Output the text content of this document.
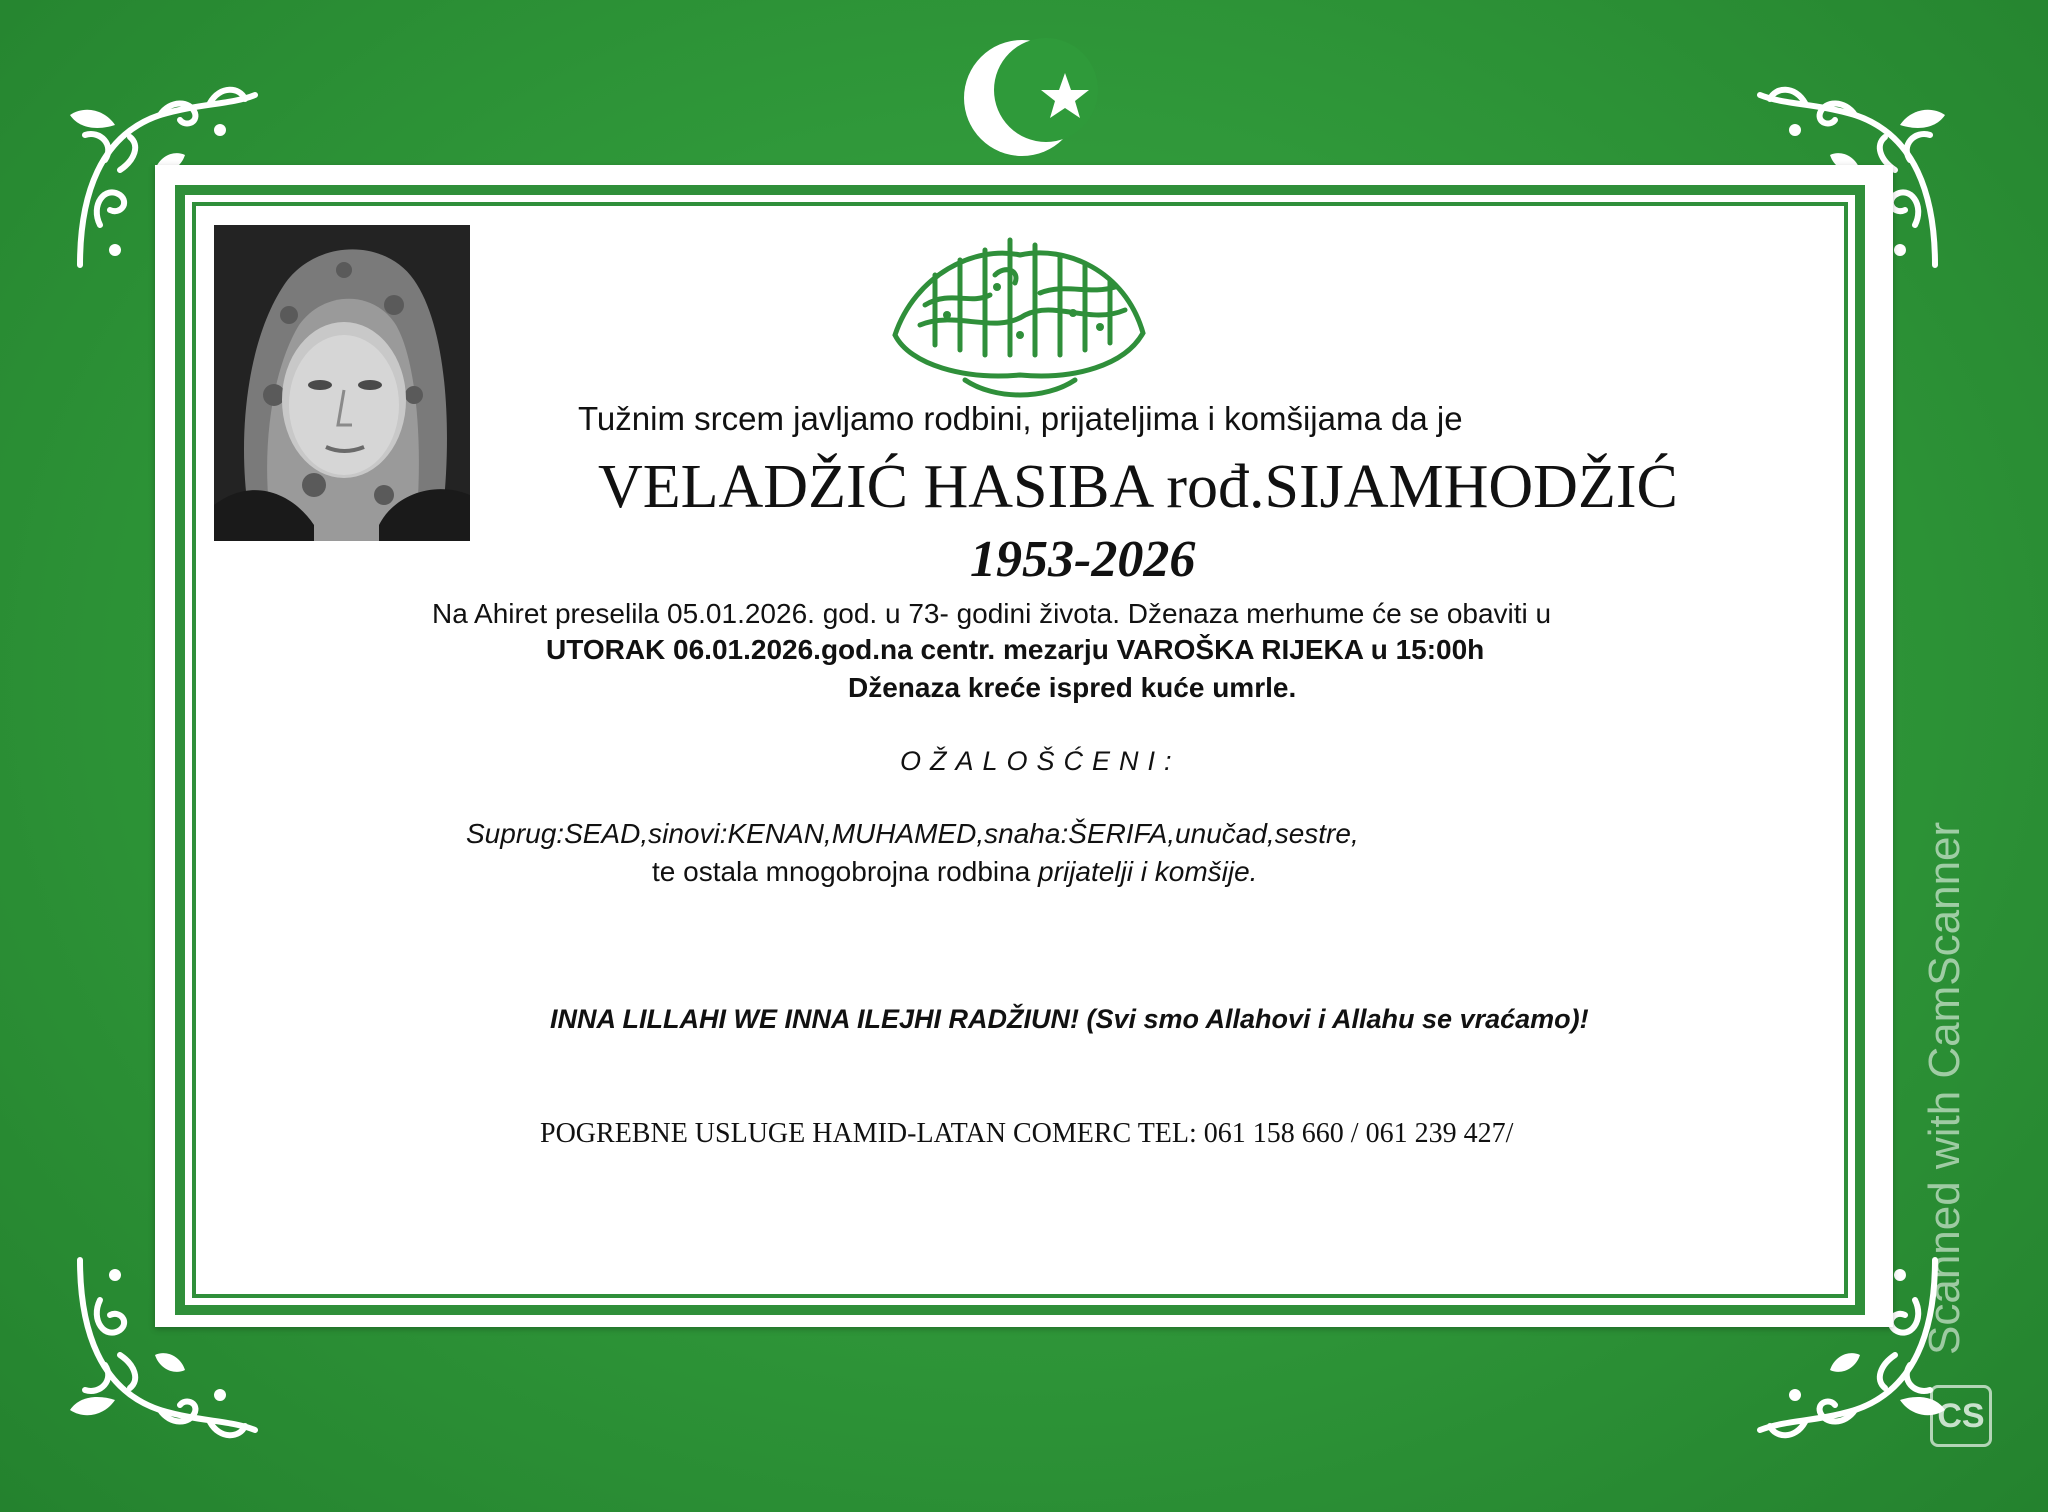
Tužnim srcem javljamo rodbini, prijateljima i komšijama da je
VELADŽIĆ HASIBA rođ.SIJAMHODŽIĆ
1953-2026
Na Ahiret preselila 05.01.2026. god. u 73- godini života. Dženaza merhume će se obaviti u
UTORAK 06.01.2026.god.na centr. mezarju VAROŠKA RIJEKA u 15:00h
Dženaza kreće ispred kuće umrle.
OŽALOŠĆENI:
Suprug:SEAD,sinovi:KENAN,MUHAMED,snaha:ŠERIFA,unučad,sestre,
te ostala mnogobrojna rodbina prijatelji i komšije.
INNA LILLAHI WE INNA ILEJHI RADŽIUN! (Svi smo Allahovi i Allahu se vraćamo)!
POGREBNE USLUGE HAMID-LATAN COMERC TEL: 061 158 660 / 061 239 427/	Scanned with CamScanner
CS
